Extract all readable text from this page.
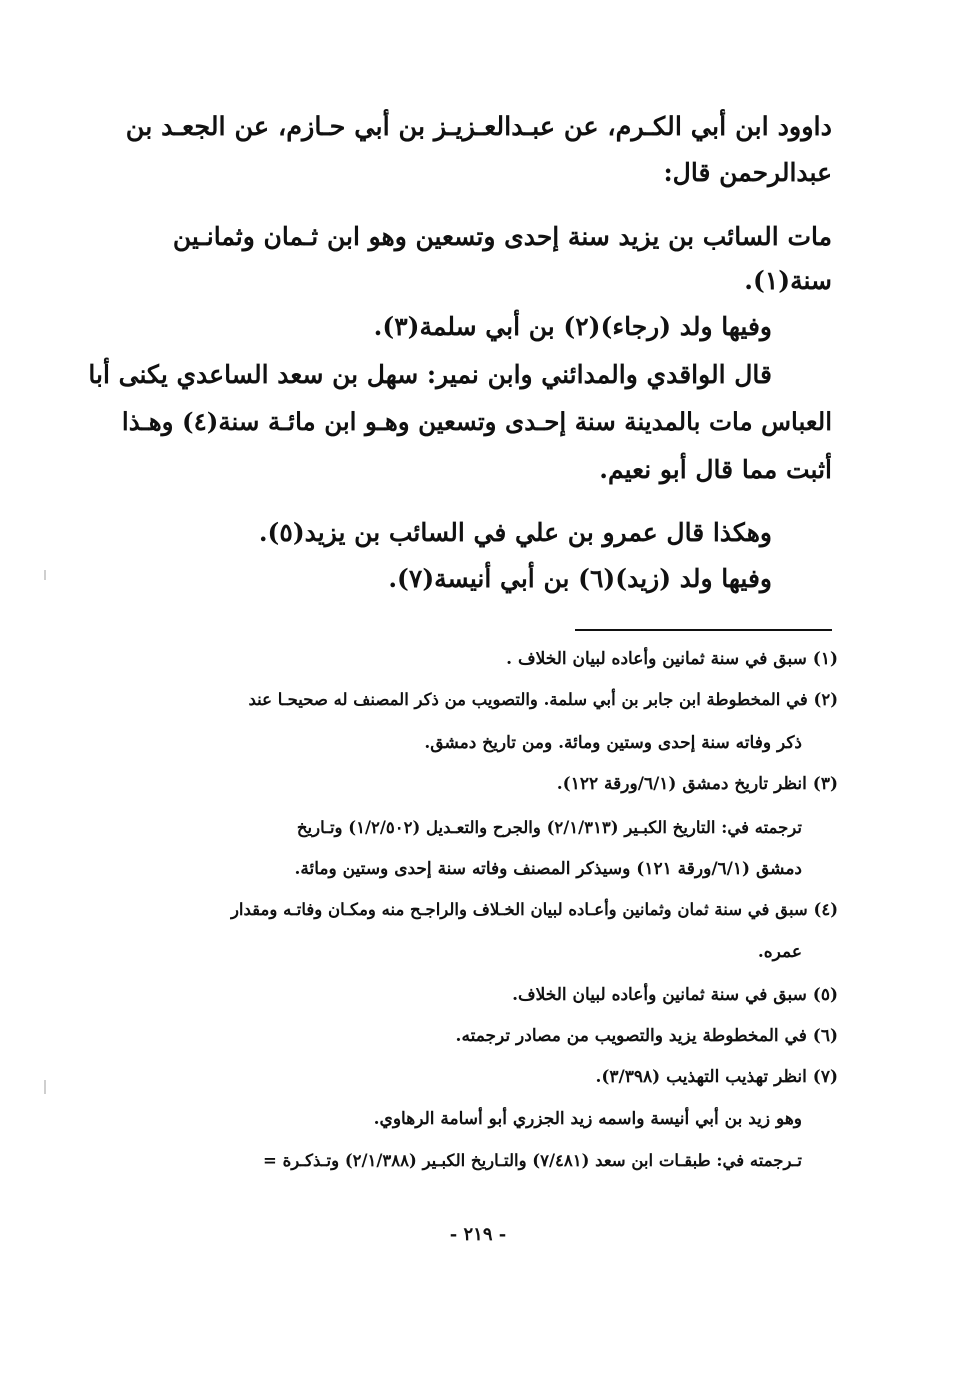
داوود ابن أبي الكـرم، عن عبـدالعـزيـز بن أبي حـازم، عن الجعـد بن
عبدالرحمن قال:
مات السائب بن يزيد سنة إحدى وتسعين وهو ابن ثـمان وثمانـين
سنة(١).
وفيها ولد (رجاء)(٢) بن أبي سلمة(٣).
قال الواقدي والمدائني وابن نمير: سهل بن سعد الساعدي يكنى أبا
العباس مات بالمدينة سنة إحـدى وتسعين وهـو ابن مائـة سنة(٤) وهـذا
أثبت مما قال أبو نعيم.
وهكذا قال عمرو بن علي في السائب بن يزيد(٥).
وفيها ولد (زيد)(٦) بن أبي أنيسة(٧).
(١) سبق في سنة ثمانين وأعاده لبيان الخلاف .
(٢) في المخطوطة ابن جابر بن أبي سلمة. والتصويب من ذكر المصنف له صحيحـا عند
ذكر وفاته سنة إحدى وستين ومائة. ومن تاريخ دمشق.
(٣) انظر تاريخ دمشق (٦/١/ورقة ١٢٢).
ترجمته في: التاريخ الكبـير (٢/١/٣١٣) والجرح والتعـديل (١/٢/٥٠٢) وتـاريخ
دمشق (٦/١/ورقة ١٢١) وسيذكر المصنف وفاته سنة إحدى وستين ومائة.
(٤) سبق في سنة ثمان وثمانين وأعـاده لبيان الخـلاف والراجـح منه ومكـان وفاتـه ومقدار
عمره.
(٥) سبق في سنة ثمانين وأعاده لبيان الخلاف.
(٦) في المخطوطة يزيد والتصويب من مصادر ترجمته.
(٧) انظر تهذيب التهذيب (٣/٣٩٨).
وهو زيد بن أبي أنيسة واسمه زيد الجزري أبو أسامة الرهاوي.
تـرجمته في: طبقـات ابن سعد (٧/٤٨١) والتـاريخ الكبـير (٢/١/٣٨٨) وتـذكـرة =
- ٢١٩ -
